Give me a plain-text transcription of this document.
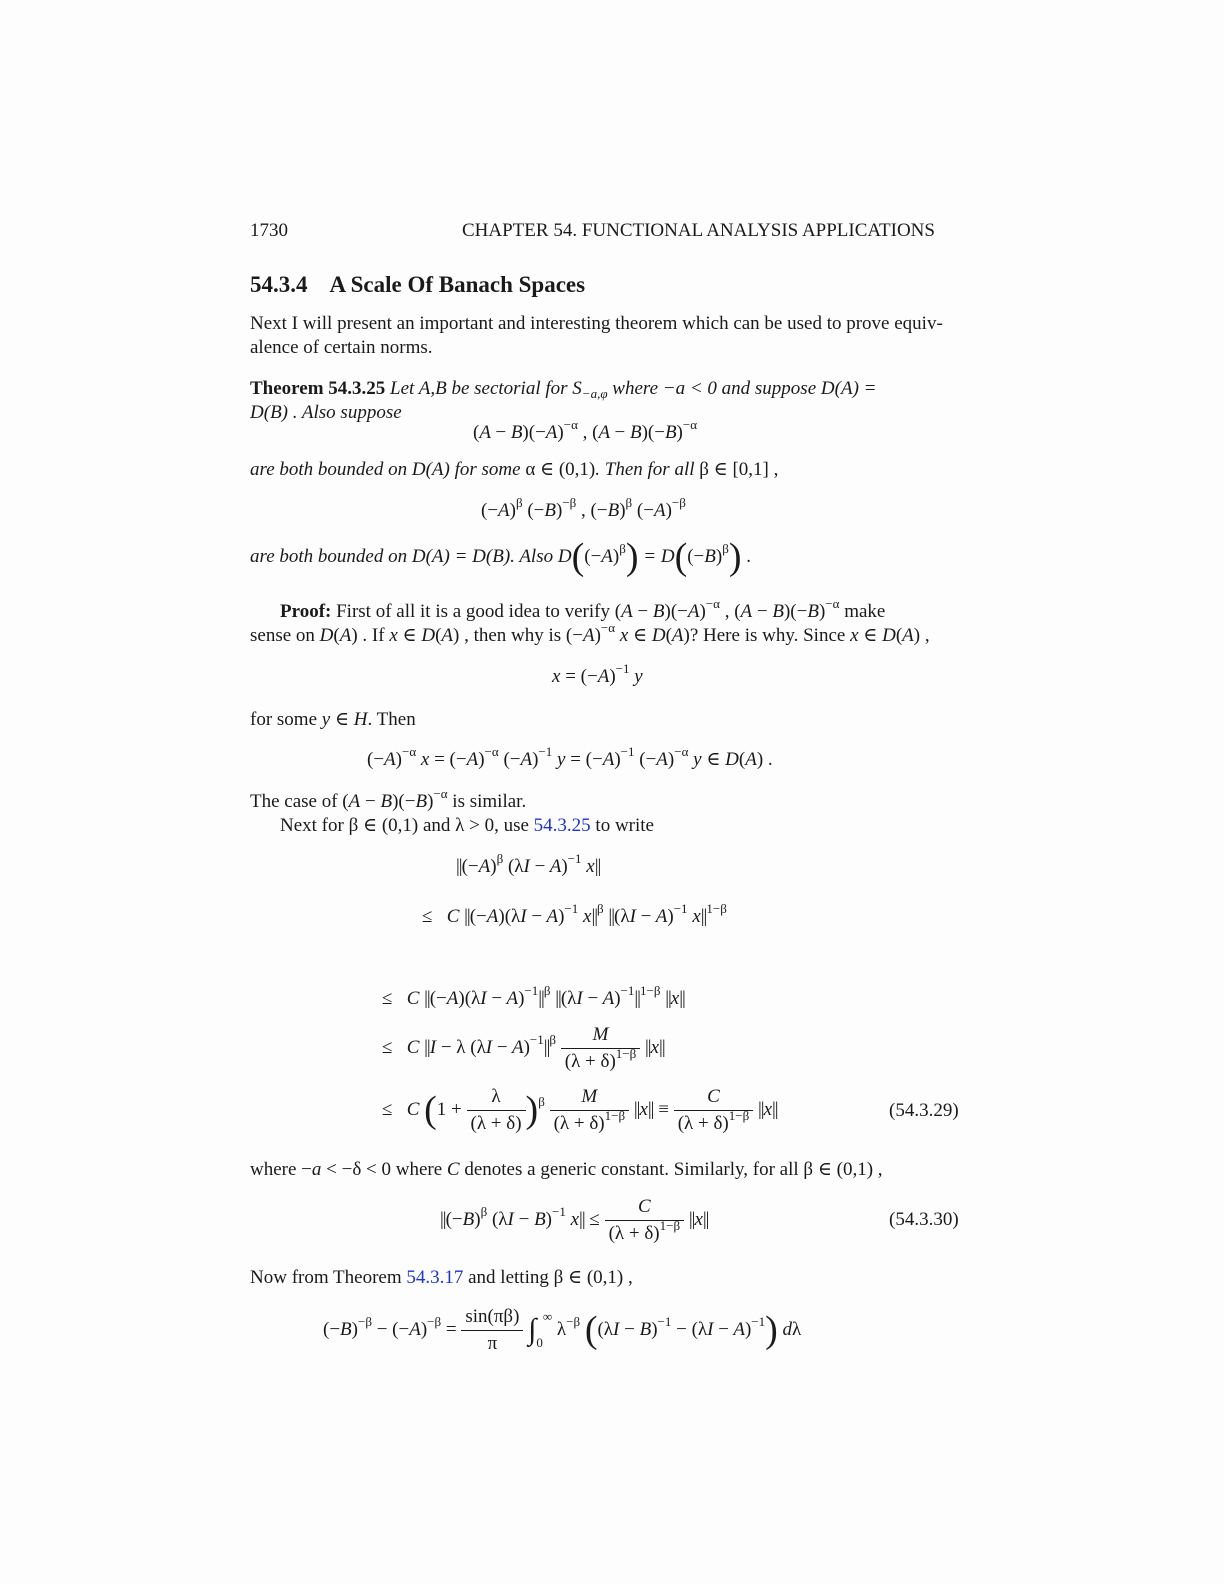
1730	CHAPTER 54. FUNCTIONAL ANALYSIS APPLICATIONS
54.3.4 A Scale Of Banach Spaces
Next I will present an important and interesting theorem which can be used to prove equiv-
alence of certain norms.
Theorem 54.3.25 Let A,B be sectorial for $S_{-a,\varphi}$ where −a < 0 and suppose D(A) =
D(B) . Also suppose
$(A - B)(-A)^{-\alpha}$ , $(A - B)(-B)^{-\alpha}$
are both bounded on D(A) for some α ∈ (0,1). Then for all β ∈ [0,1] ,
$(-A)^\beta$ $(-B)^{-\beta}$ , $(-B)^\beta$ $(-A)^{-\beta}$
are both bounded on D(A) = D(B). Also $D((-A)^\beta) = D((-B)^\beta)$ .
Proof: First of all it is a good idea to verify $(A - B)(-A)^{-\alpha}$ , $(A - B)(-B)^{-\alpha}$ make
sense on D(A) . If x ∈ D(A) , then why is $(-A)^{-\alpha}$ x ∈ D(A)? Here is why. Since x ∈ D(A) ,
$x = (-A)^{-1}$ y
for some y ∈ H. Then
$(-A)^{-\alpha}$ $x = (-A)^{-\alpha}$ $(-A)^{-1}$ $y = (-A)^{-1}$ $(-A)^{-\alpha}$ y ∈ D(A) .
The case of $(A - B)(-B)^{-\alpha}$ is similar.
Next for β ∈ (0,1) and λ > 0, use 54.3.25 to write
$||(-A)^\beta$ $(\lambda I - A)^{-1}$ x||
≤   C $||(-A)(\lambda I - A)^{-1}$ $x||^\beta$ $||(\lambda I - A)^{-1}$ $x||^{1-\beta}$
≤   C $||(-A)(\lambda I - A)^{-1}||^\beta$ $||(\lambda I - A)^{-1}||^{1-\beta}$ ||x||
≤   C ||I − λ $(\lambda I - A)^{-1}||^\beta \frac{M}{(\lambda + \delta)^{1-\beta}} ||x||$
≤   C $(1 + \frac{\lambda}{(\lambda + \delta)} )^\beta \frac{M}{(\lambda + \delta)^{1-\beta}} ||x|| \equiv \frac{C}{(\lambda + \delta)^{1-\beta}} ||x||$	(54.3.29)
where −a < −δ < 0 where C denotes a generic constant. Similarly, for all β ∈ (0,1) ,
$||(-B)^\beta$ $(\lambda I - B)^{-1}$ $x|| \le \frac{C}{(\lambda + \delta)^{1-\beta}} ||x||$	(54.3.30)
Now from Theorem 54.3.17 and letting β ∈ (0,1) ,
$(-B)^{-\beta} - (-A)^{-\beta} = \frac{\sin(\pi\beta)}{\pi} \int_0^\infty$ $\lambda^{-\beta}$ $((\lambda I - B)^{-1} - (\lambda I - A)^{-1})$ dλ
